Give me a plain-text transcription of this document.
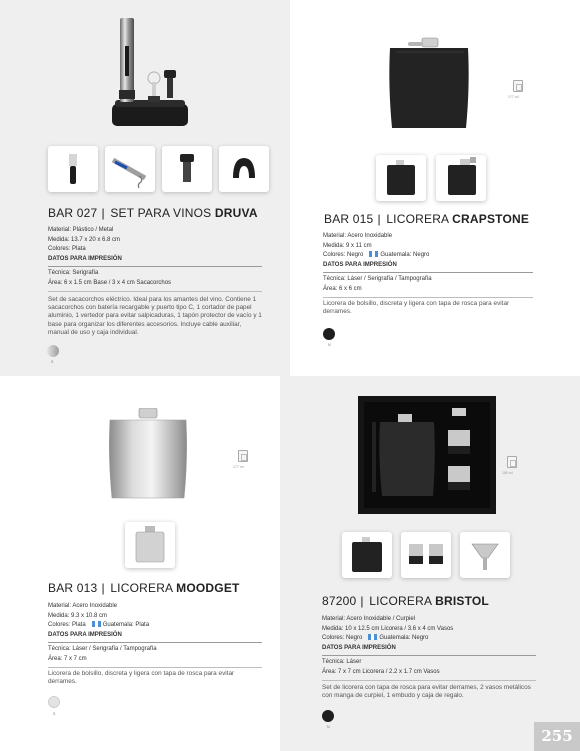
BAR 027 | SET PARA VINOS DRUVA
Material: Plástico / Metal
Medida: 13.7 x 20 x 6.8 cm
Colores: Plata
DATOS PARA IMPRESIÓN
Técnica: Serigrafía
Área: 6 x 1.5 cm Base / 3 x 4 cm Sacacorchos
Set de sacacorchos eléctrico. Ideal para los amantes del vino. Contiene 1 sacacorchos con batería recargable y puerto tipo C, 1 cortador de papel aluminio, 1 vertedor para evitar salpicaduras, 1 tapón protector de vacío y 1 base para organizar los diferentes accesorios. Incluye cable auxiliar, manual de uso y caja individual.
S
177 ml
BAR 015 | LICORERA CRAPSTONE
Material: Acero Inoxidable
Medida: 9 x 11 cm
Colores: Negro	Guatemala: Negro
DATOS PARA IMPRESIÓN
Técnica: Láser / Serigrafía / Tampografía
Área: 6 x 6 cm
Licorera de bolsillo, discreta y ligera con tapa de rosca para evitar derrames.
N
177 ml
BAR 013 | LICORERA MOODGET
Material: Acero Inoxidable
Medida: 9.3 x 10.8 cm
Colores: Plata	Guatemala: Plata
DATOS PARA IMPRESIÓN
Técnica: Láser / Serigrafía / Tampografía
Área: 7 x 7 cm
Licorera de bolsillo, discreta y ligera con tapa de rosca para evitar derrames.
S
180 ml
87200 | LICORERA BRISTOL
Material: Acero Inoxidable / Curpiel
Medida: 10 x 12.5 cm Licorera / 3.6 x 4 cm Vasos
Colores: Negro	Guatemala: Negro
DATOS PARA IMPRESIÓN
Técnica: Láser
Área: 7 x 7 cm Licorera / 2.2 x 1.7 cm Vasos
Set de licorera con tapa de rosca para evitar derrames, 2 vasos metálicos con manga de curpiel, 1 embudo y caja de regalo.
N	255
